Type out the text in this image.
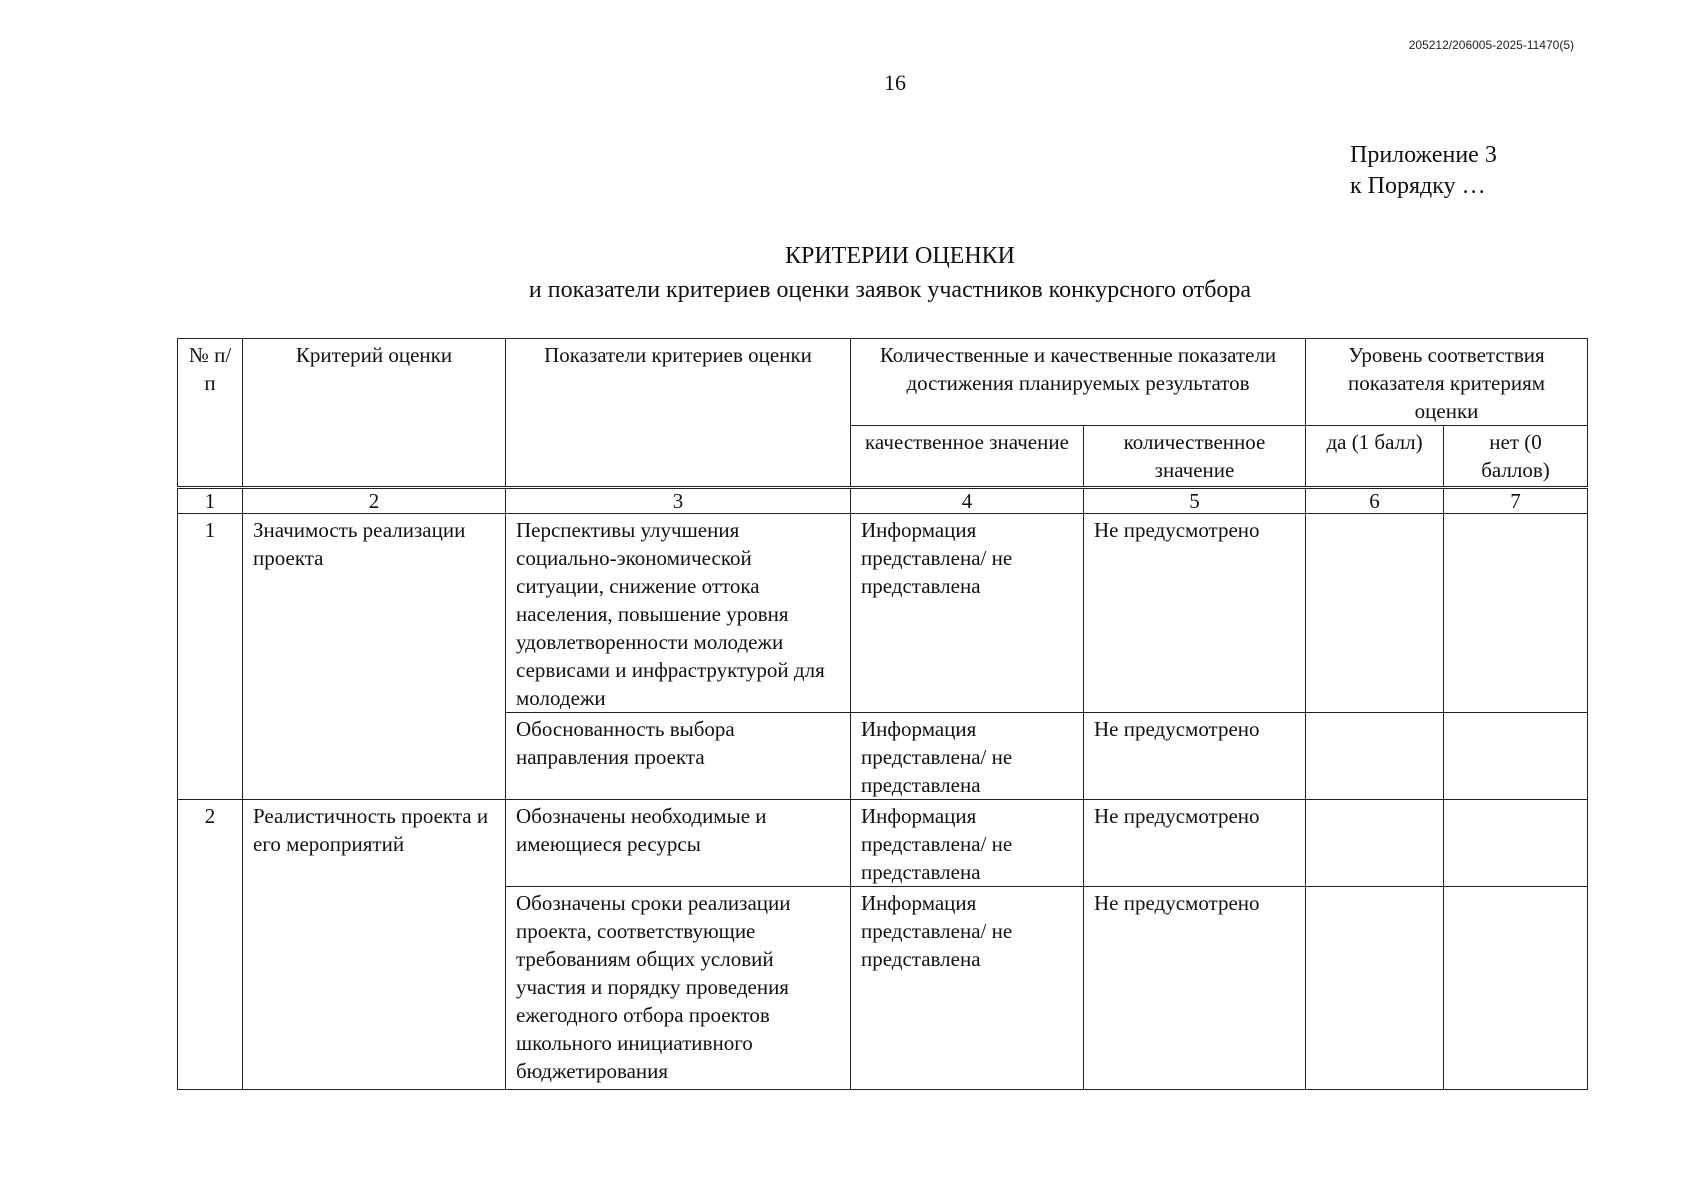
205212/206005-2025-11470(5)
16
Приложение 3
к Порядку …
КРИТЕРИИ ОЦЕНКИ
и показатели критериев оценки заявок участников конкурсного отбора
№ п/п	Критерий оценки	Показатели критериев оценки	Количественные и качественные показатели достижения планируемых результатов		Уровень соответствия показателя критериям оценки	
			качественное значение	количественное значение	да (1 балл)	нет (0 баллов)
1	2	3	4	5	6	7
1	Значимость реализации проекта	Перспективы улучшения социально-экономической ситуации, снижение оттока населения, повышение уровня удовлетворенности молодежи сервисами и инфраструктурой для молодежи	Информация представлена/ не представлена	Не предусмотрено		
		Обоснованность выбора направления проекта	Информация представлена/ не представлена	Не предусмотрено		
2	Реалистичность проекта и его мероприятий	Обозначены необходимые и имеющиеся ресурсы	Информация представлена/ не представлена	Не предусмотрено		
		Обозначены сроки реализации проекта, соответствующие требованиям общих условий участия и порядку проведения ежегодного отбора проектов школьного инициативного бюджетирования	Информация представлена/ не представлена	Не предусмотрено		
